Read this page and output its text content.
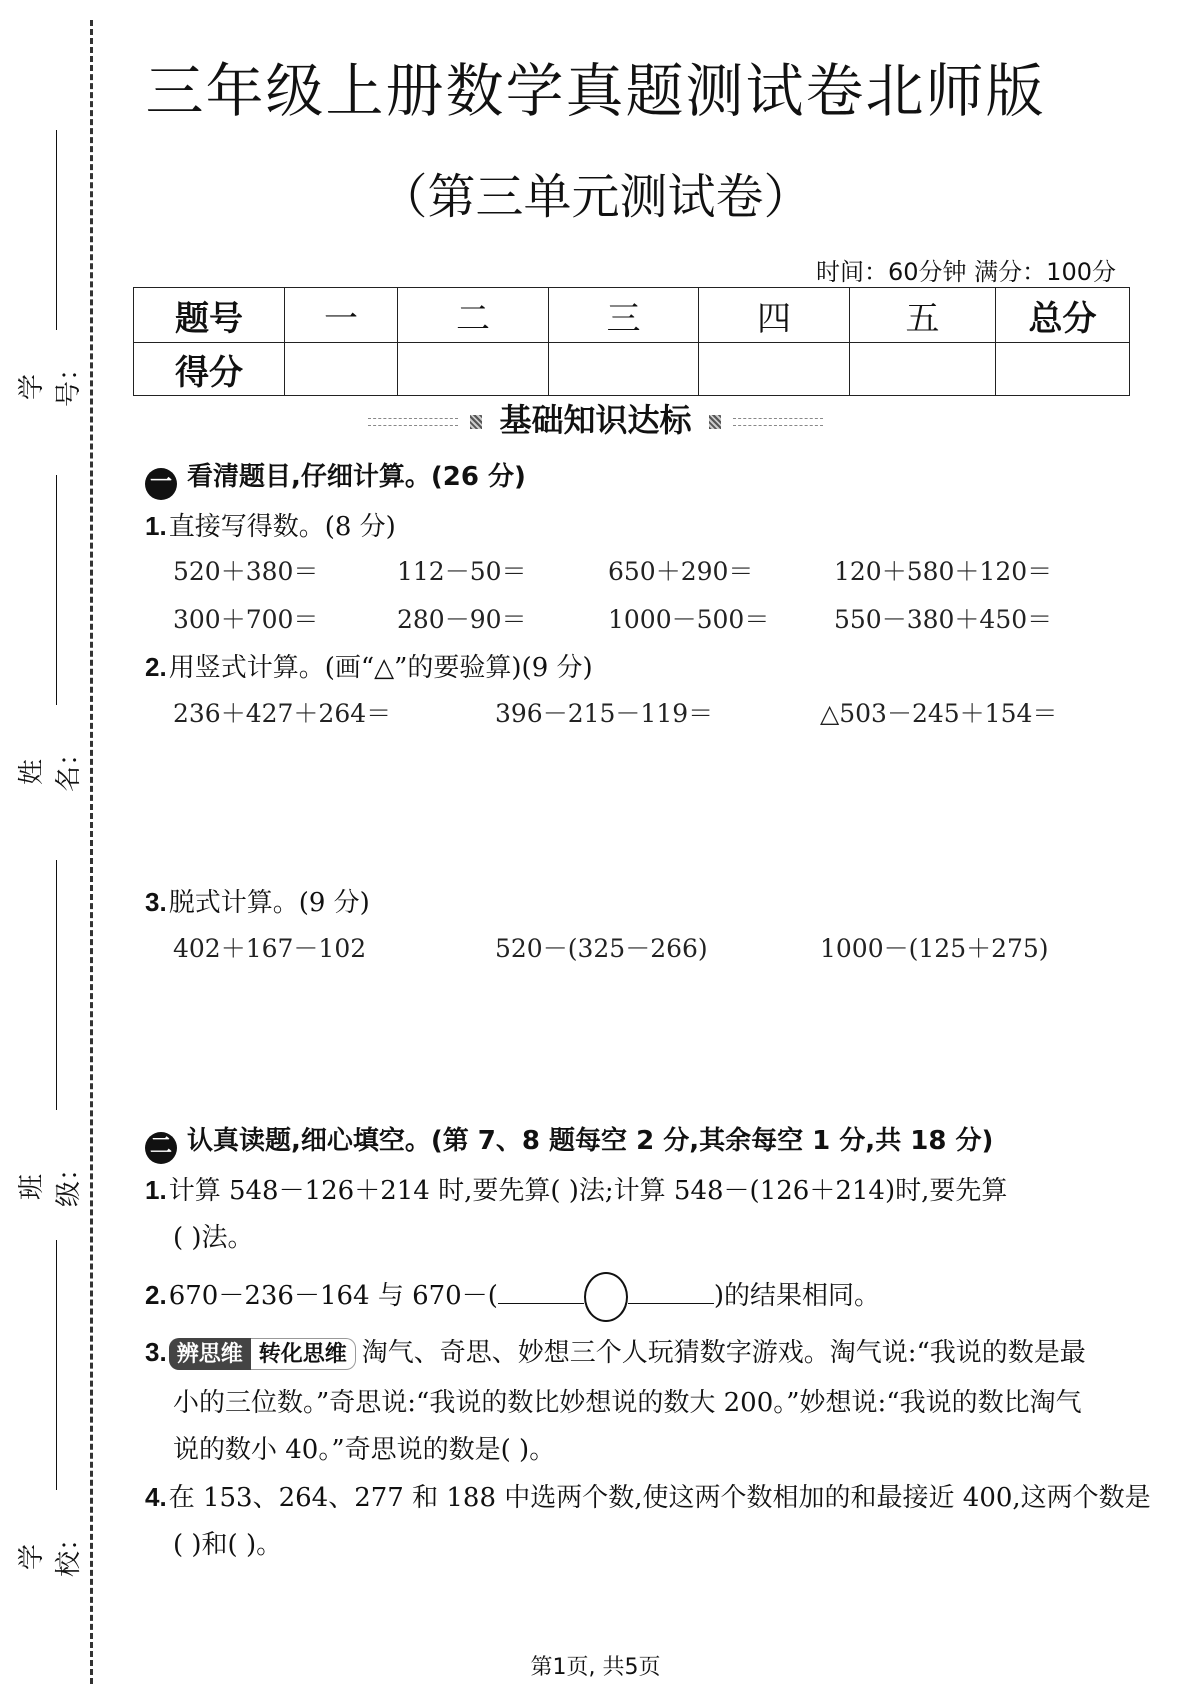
学号：
姓名：
班级：
学校：
三年级上册数学真题测试卷北师版
（第三单元测试卷）
时间：60分钟 满分：100分
题号	一	二	三	四	五	总分
得分						
基础知识达标
一 看清题目,仔细计算。(26 分)
1.直接写得数。(8 分)
520＋380＝	112－50＝	650＋290＝	120＋580＋120＝
300＋700＝	280－90＝	1000－500＝	550－380＋450＝
2.用竖式计算。(画“△”的要验算)(9 分)
236＋427＋264＝	396－215－119＝	△503－245＋154＝
3.脱式计算。(9 分)
402＋167－102	520－(325－266)	1000－(125＋275)
二 认真读题,细心填空。(第 7、8 题每空 2 分,其余每空 1 分,共 18 分)
1.计算 548－126＋214 时,要先算( )法;计算 548－(126＋214)时,要先算
( )法。
2.670－236－164 与 670－(	)的结果相同。
3. 辨思维 转化思维 淘气、奇思、妙想三个人玩猜数字游戏。淘气说:“我说的数是最
小的三位数。”奇思说:“我说的数比妙想说的数大 200。”妙想说:“我说的数比淘气
说的数小 40。”奇思说的数是( )。
4.在 153、264、277 和 188 中选两个数,使这两个数相加的和最接近 400,这两个数是
( )和( )。
第1页, 共5页
